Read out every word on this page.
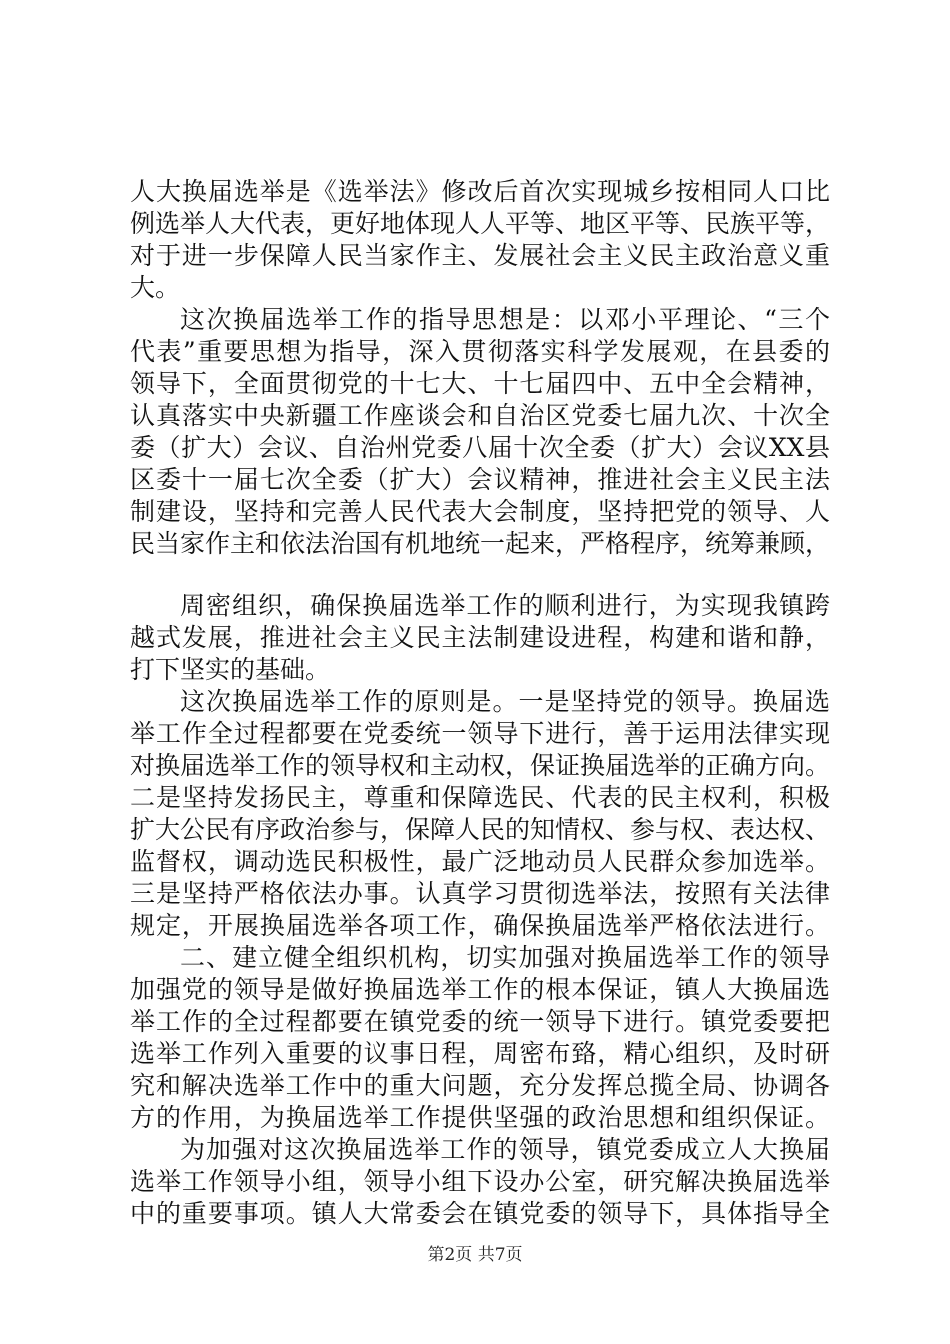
人大换届选举是《选举法》修改后首次实现城乡按相同人口比
例选举人大代表，更好地体现人人平等、地区平等、民族平等，
对于进一步保障人民当家作主、发展社会主义民主政治意义重
大。
这次换届选举工作的指导思想是：以邓小平理论、“三个
代表”重要思想为指导，深入贯彻落实科学发展观，在县委的
领导下，全面贯彻党的十七大、十七届四中、五中全会精神，
认真落实中央新疆工作座谈会和自治区党委七届九次、十次全
委（扩大）会议、自治州党委八届十次全委（扩大）会议XX县
区委十一届七次全委（扩大）会议精神，推进社会主义民主法
制建设，坚持和完善人民代表大会制度，坚持把党的领导、人
民当家作主和依法治国有机地统一起来，严格程序，统筹兼顾，
周密组织，确保换届选举工作的顺利进行，为实现我镇跨
越式发展，推进社会主义民主法制建设进程，构建和谐和静，
打下坚实的基础。
这次换届选举工作的原则是。一是坚持党的领导。换届选
举工作全过程都要在党委统一领导下进行，善于运用法律实现
对换届选举工作的领导权和主动权，保证换届选举的正确方向。
二是坚持发扬民主，尊重和保障选民、代表的民主权利，积极
扩大公民有序政治参与，保障人民的知情权、参与权、表达权、
监督权，调动选民积极性，最广泛地动员人民群众参加选举。
三是坚持严格依法办事。认真学习贯彻选举法，按照有关法律
规定，开展换届选举各项工作，确保换届选举严格依法进行。
二、建立健全组织机构，切实加强对换届选举工作的领导
加强党的领导是做好换届选举工作的根本保证，镇人大换届选
举工作的全过程都要在镇党委的统一领导下进行。镇党委要把
选举工作列入重要的议事日程，周密布臵，精心组织，及时研
究和解决选举工作中的重大问题，充分发挥总揽全局、协调各
方的作用，为换届选举工作提供坚强的政治思想和组织保证。
为加强对这次换届选举工作的领导，镇党委成立人大换届
选举工作领导小组，领导小组下设办公室，研究解决换届选举
中的重要事项。镇人大常委会在镇党委的领导下，具体指导全
第2页 共7页
